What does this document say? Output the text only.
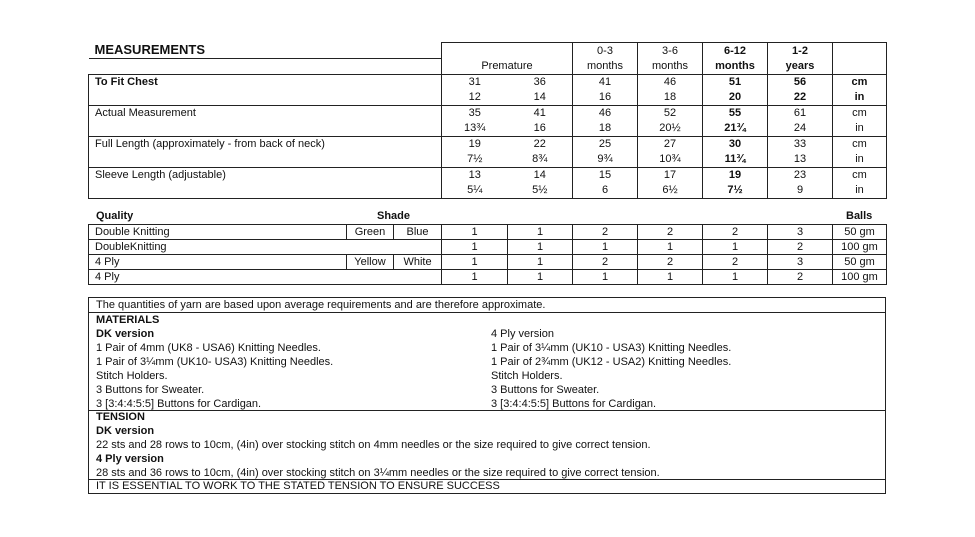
MEASUREMENTS			0-3	3-6	6-12	1-2	
	Premature		months	months	months	years	
To Fit Chest	31	36	41	46	51	56	cm
	12	14	16	18	20	22	in
Actual Measurement	35	41	46	52	55	61	cm
	13¾	16	18	20½	21¾	24	in
Full Length (approximately - from back of neck)	19	22	25	27	30	33	cm
	7½	8¾	9¾	10¾	11¾	13	in
Sleeve Length (adjustable)	13	14	15	17	19	23	cm
	5¼	5½	6	6½	7½	9	in
Quality	Shade	Balls
Double Knitting	Green	Blue	1	1	2	2	2	3	50 gm
DoubleKnitting			1	1	1	1	1	2	100 gm
4 Ply	Yellow	White	1	1	2	2	2	3	50 gm
4 Ply			1	1	1	1	1	2	100 gm
The quantities of yarn are based upon average requirements and are therefore approximate.
MATERIALS
DK version
1 Pair of 4mm (UK8 - USA6) Knitting Needles.
1 Pair of 3¼mm (UK10- USA3) Knitting Needles.
Stitch Holders.
3 Buttons for Sweater.
3 [3:4:4:5:5] Buttons for Cardigan.
4 Ply version
1 Pair of 3¼mm (UK10 - USA3) Knitting Needles.
1 Pair of 2¾mm (UK12 - USA2) Knitting Needles.
Stitch Holders.
3 Buttons for Sweater.
3 [3:4:4:5:5] Buttons for Cardigan.
TENSION
DK version
22 sts and 28 rows to 10cm, (4in) over stocking stitch on 4mm needles or the size required to give correct tension.
4 Ply version
28 sts and 36 rows to 10cm, (4in) over stocking stitch on 3¼mm needles or the size required to give correct tension.
IT IS ESSENTIAL TO WORK TO THE STATED TENSION TO ENSURE SUCCESS
